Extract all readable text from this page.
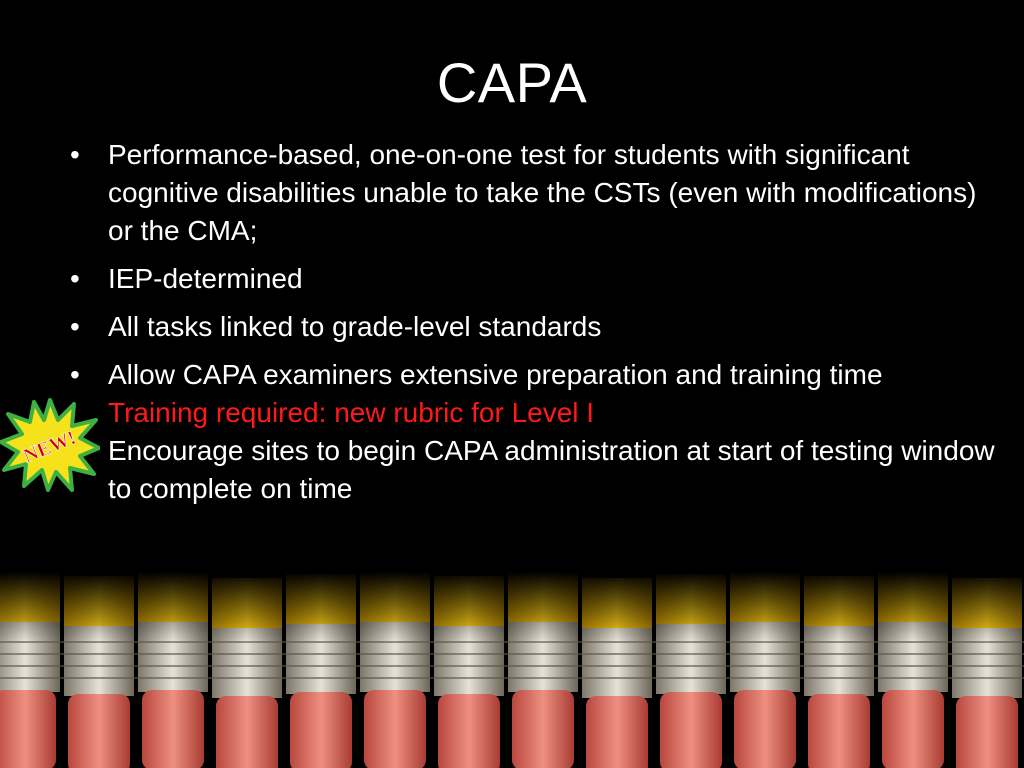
CAPA
• Performance-based, one-on-one test for students with significant cognitive disabilities unable to take the CSTs (even with modifications) or the CMA;
• IEP-determined
• All tasks linked to grade-level standards
• Allow CAPA examiners extensive preparation and training time
Training required: new rubric for Level I
Encourage sites to begin CAPA administration at start of testing window to complete on time
NEW!
